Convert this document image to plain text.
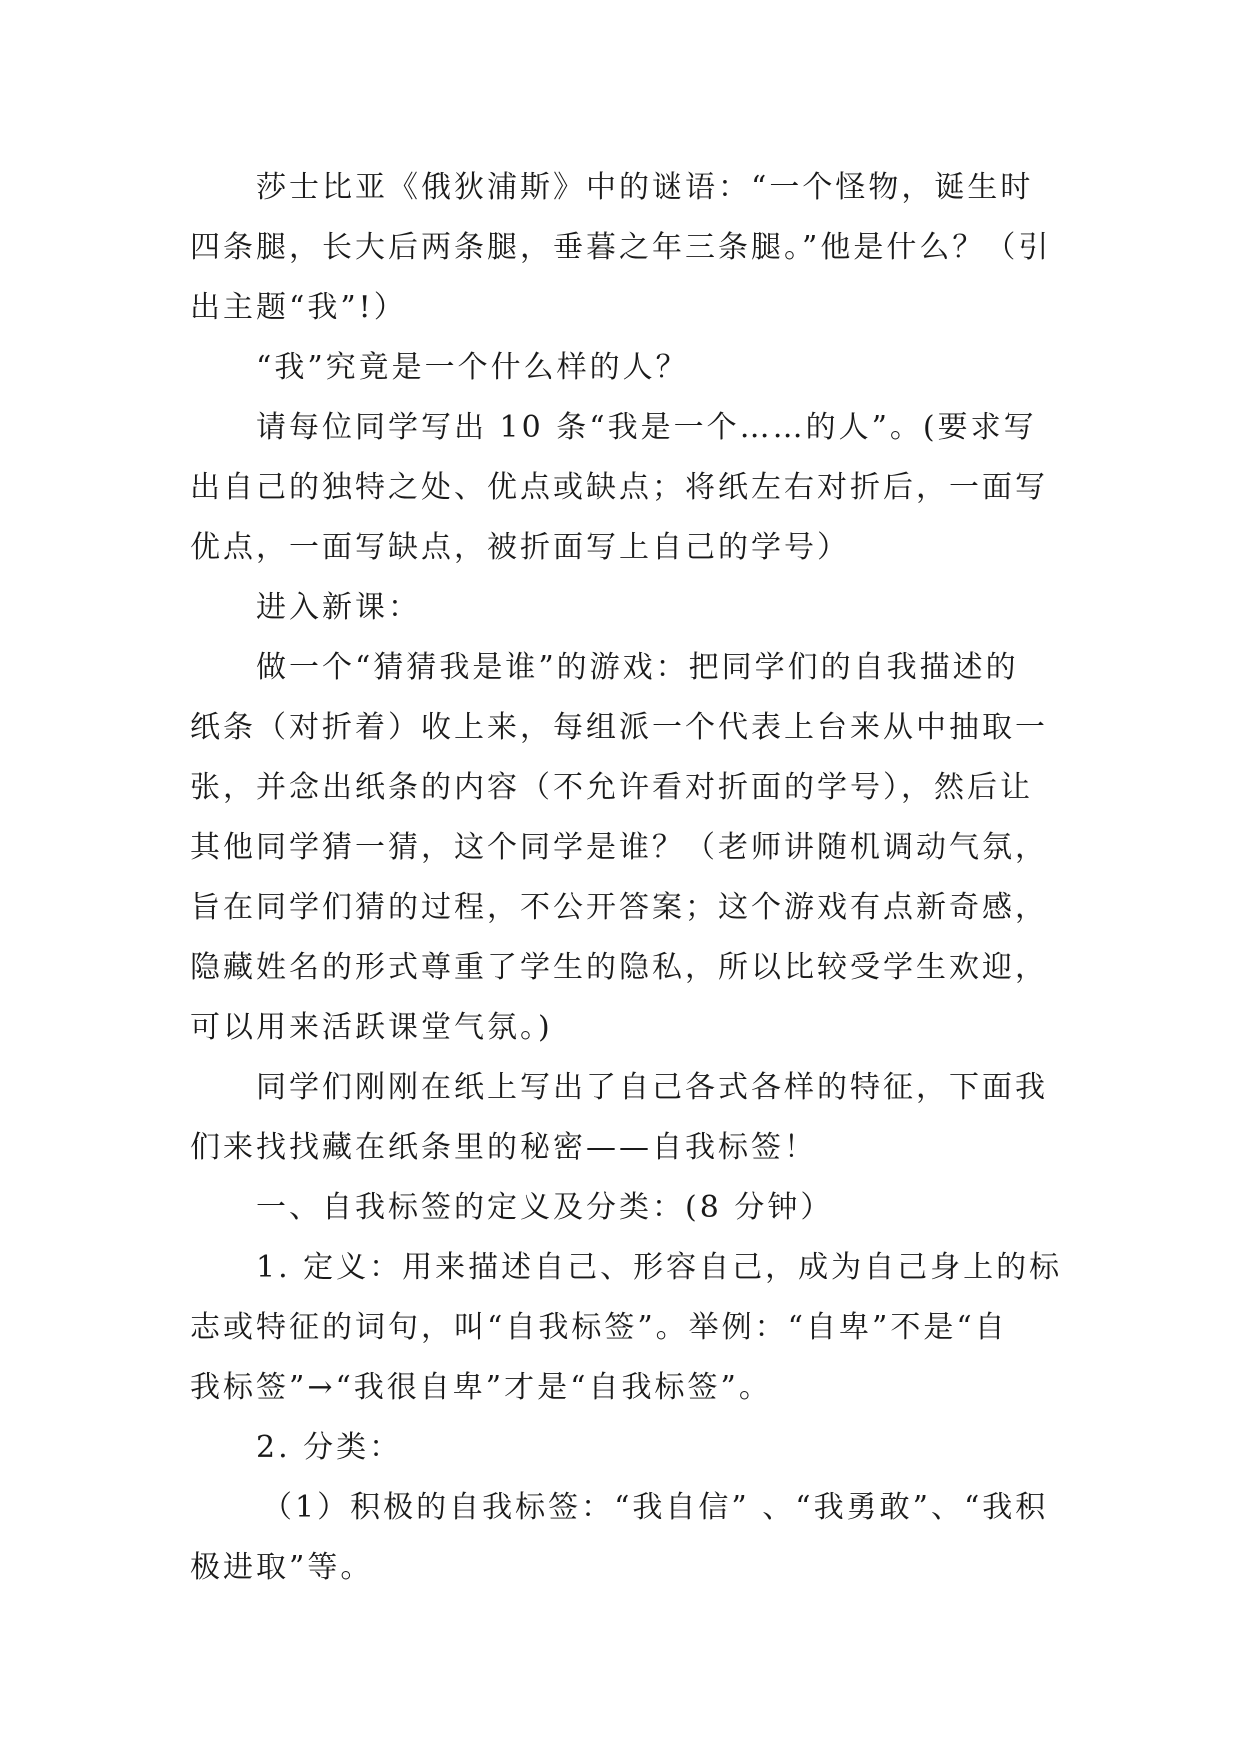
莎士比亚《俄狄浦斯》中的谜语：“一个怪物，诞生时
四条腿，长大后两条腿，垂暮之年三条腿。”他是什么？（引
出主题“我”!）
“我”究竟是一个什么样的人？
请每位同学写出 10 条“我是一个……的人”。(要求写
出自己的独特之处、优点或缺点；将纸左右对折后，一面写
优点，一面写缺点，被折面写上自己的学号）
进入新课：
做一个“猜猜我是谁”的游戏：把同学们的自我描述的
纸条（对折着）收上来，每组派一个代表上台来从中抽取一
张，并念出纸条的内容（不允许看对折面的学号），然后让
其他同学猜一猜，这个同学是谁？（老师讲随机调动气氛，
旨在同学们猜的过程，不公开答案；这个游戏有点新奇感，
隐藏姓名的形式尊重了学生的隐私，所以比较受学生欢迎，
可以用来活跃课堂气氛。)
同学们刚刚在纸上写出了自己各式各样的特征，下面我
们来找找藏在纸条里的秘密——自我标签！
一、自我标签的定义及分类：(8 分钟）
1. 定义：用来描述自己、形容自己，成为自己身上的标
志或特征的词句，叫“自我标签”。举例：“自卑”不是“自
我标签”→“我很自卑”才是“自我标签”。
2. 分类：
（1）积极的自我标签：“我自信” 、“我勇敢”、“我积
极进取”等。
